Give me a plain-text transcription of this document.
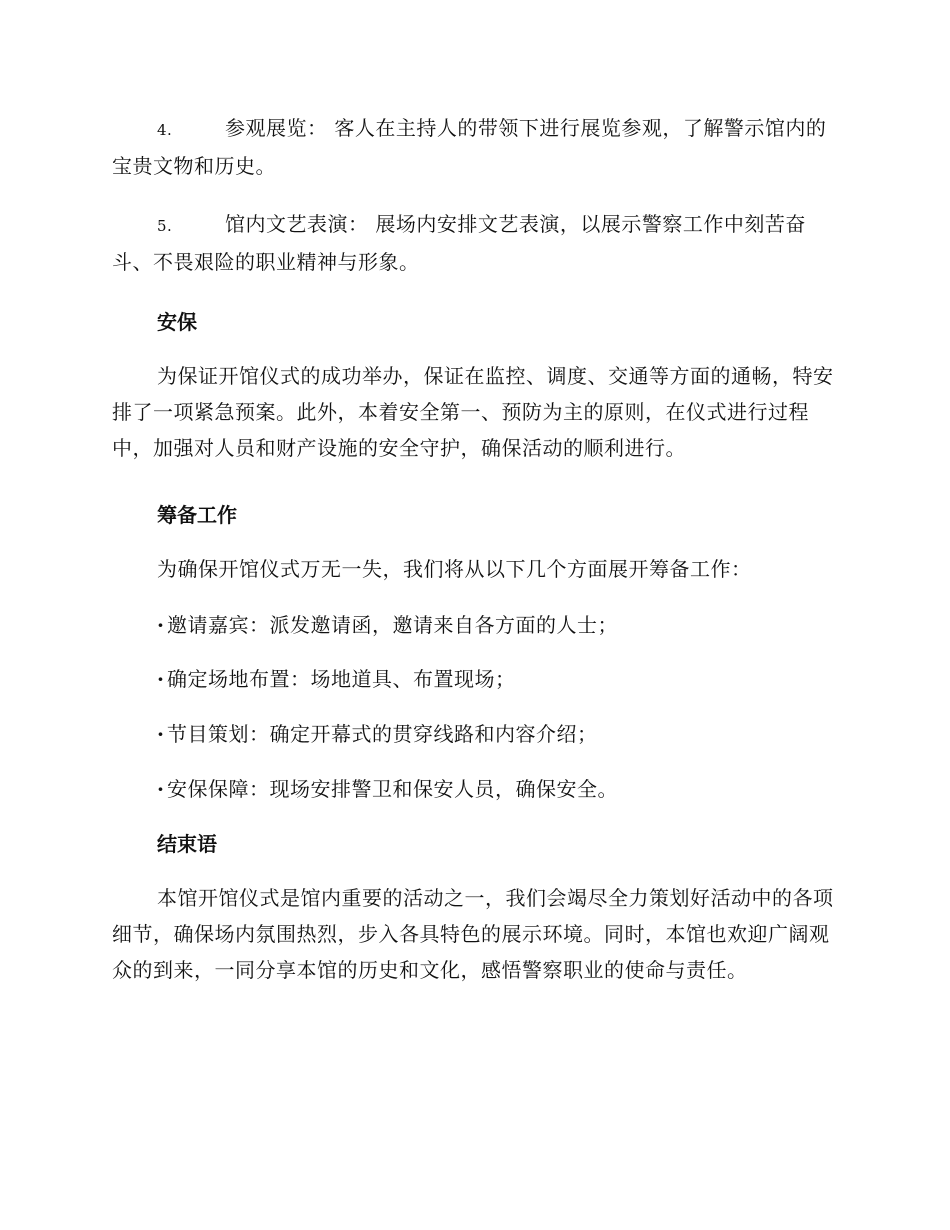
4.	参观展览： 客人在主持人的带领下进行展览参观，了解警示馆内的宝贵文物和历史。

5.	馆内文艺表演： 展场内安排文艺表演，以展示警察工作中刻苦奋斗、不畏艰险的职业精神与形象。

安保

为保证开馆仪式的成功举办，保证在监控、调度、交通等方面的通畅，特安排了一项紧急预案。此外，本着安全第一、预防为主的原则，在仪式进行过程中，加强对人员和财产设施的安全守护，确保活动的顺利进行。

筹备工作

为确保开馆仪式万无一失，我们将从以下几个方面展开筹备工作：

· 邀请嘉宾：派发邀请函，邀请来自各方面的人士；

· 确定场地布置：场地道具、布置现场；

· 节目策划：确定开幕式的贯穿线路和内容介绍；

· 安保保障：现场安排警卫和保安人员，确保安全。

结束语

本馆开馆仪式是馆内重要的活动之一，我们会竭尽全力策划好活动中的各项细节，确保场内氛围热烈，步入各具特色的展示环境。同时，本馆也欢迎广阔观众的到来，一同分享本馆的历史和文化，感悟警察职业的使命与责任。
